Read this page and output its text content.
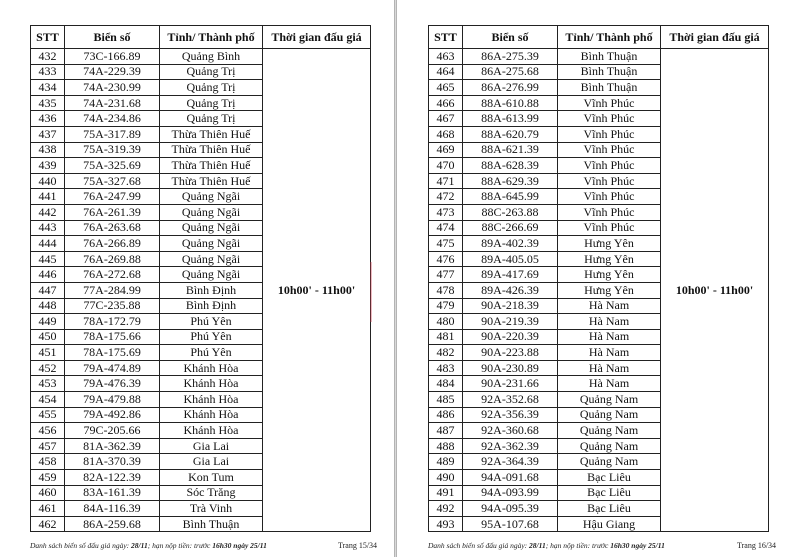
STT	Biển số	Tỉnh/ Thành phố	Thời gian đấu giá
432	73C-166.89	Quảng Bình	10h00' - 11h00'
433	74A-229.39	Quảng Trị	
434	74A-230.99	Quảng Trị	
435	74A-231.68	Quảng Trị	
436	74A-234.86	Quảng Trị	
437	75A-317.89	Thừa Thiên Huế	
438	75A-319.39	Thừa Thiên Huế	
439	75A-325.69	Thừa Thiên Huế	
440	75A-327.68	Thừa Thiên Huế	
441	76A-247.99	Quảng Ngãi	
442	76A-261.39	Quảng Ngãi	
443	76A-263.68	Quảng Ngãi	
444	76A-266.89	Quảng Ngãi	
445	76A-269.88	Quảng Ngãi	
446	76A-272.68	Quảng Ngãi	
447	77A-284.99	Bình Định	
448	77C-235.88	Bình Định	
449	78A-172.79	Phú Yên	
450	78A-175.66	Phú Yên	
451	78A-175.69	Phú Yên	
452	79A-474.89	Khánh Hòa	
453	79A-476.39	Khánh Hòa	
454	79A-479.88	Khánh Hòa	
455	79A-492.86	Khánh Hòa	
456	79C-205.66	Khánh Hòa	
457	81A-362.39	Gia Lai	
458	81A-370.39	Gia Lai	
459	82A-122.39	Kon Tum	
460	83A-161.39	Sóc Trăng	
461	84A-116.39	Trà Vinh	
462	86A-259.68	Bình Thuận	
Danh sách biển số đấu giá ngày: 28/11; hạn nộp tiền: trước 16h30 ngày 25/11	Trang 15/34
STT	Biển số	Tỉnh/ Thành phố	Thời gian đấu giá
463	86A-275.39	Bình Thuận	10h00' - 11h00'
464	86A-275.68	Bình Thuận	
465	86A-276.99	Bình Thuận	
466	88A-610.88	Vĩnh Phúc	
467	88A-613.99	Vĩnh Phúc	
468	88A-620.79	Vĩnh Phúc	
469	88A-621.39	Vĩnh Phúc	
470	88A-628.39	Vĩnh Phúc	
471	88A-629.39	Vĩnh Phúc	
472	88A-645.99	Vĩnh Phúc	
473	88C-263.88	Vĩnh Phúc	
474	88C-266.69	Vĩnh Phúc	
475	89A-402.39	Hưng Yên	
476	89A-405.05	Hưng Yên	
477	89A-417.69	Hưng Yên	
478	89A-426.39	Hưng Yên	
479	90A-218.39	Hà Nam	
480	90A-219.39	Hà Nam	
481	90A-220.39	Hà Nam	
482	90A-223.88	Hà Nam	
483	90A-230.89	Hà Nam	
484	90A-231.66	Hà Nam	
485	92A-352.68	Quảng Nam	
486	92A-356.39	Quảng Nam	
487	92A-360.68	Quảng Nam	
488	92A-362.39	Quảng Nam	
489	92A-364.39	Quảng Nam	
490	94A-091.68	Bạc Liêu	
491	94A-093.99	Bạc Liêu	
492	94A-095.39	Bạc Liêu	
493	95A-107.68	Hậu Giang	
Danh sách biển số đấu giá ngày: 28/11; hạn nộp tiền: trước 16h30 ngày 25/11	Trang 16/34
